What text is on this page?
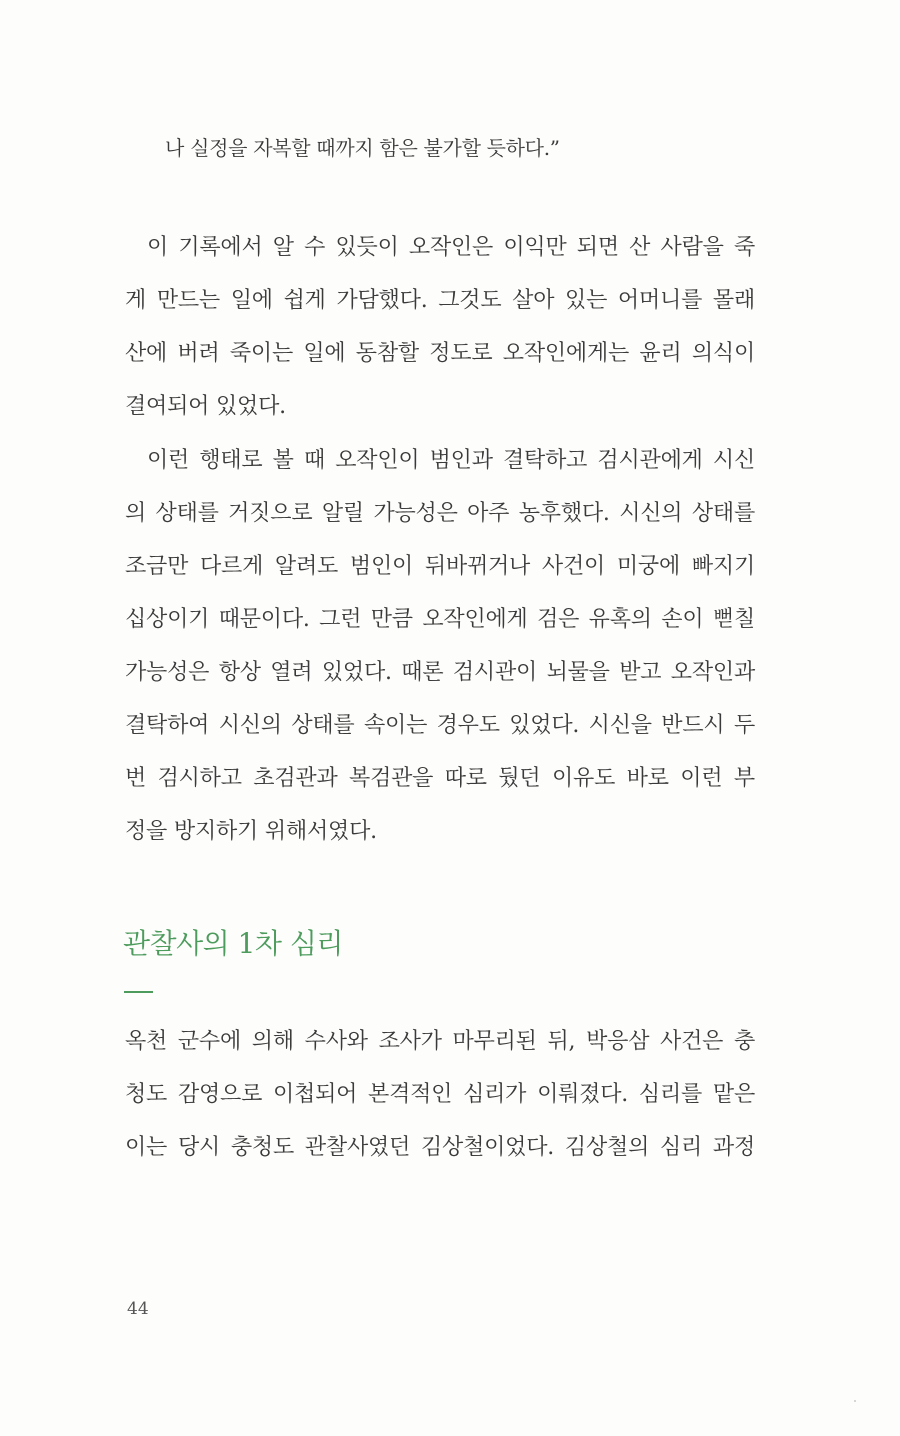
나 실정을 자복할 때까지 함은 불가할 듯하다.”
이 기록에서 알 수 있듯이 오작인은 이익만 되면 산 사람을 죽
게 만드는 일에 쉽게 가담했다. 그것도 살아 있는 어머니를 몰래
산에 버려 죽이는 일에 동참할 정도로 오작인에게는 윤리 의식이
결여되어 있었다.
이런 행태로 볼 때 오작인이 범인과 결탁하고 검시관에게 시신
의 상태를 거짓으로 알릴 가능성은 아주 농후했다. 시신의 상태를
조금만 다르게 알려도 범인이 뒤바뀌거나 사건이 미궁에 빠지기
십상이기 때문이다. 그런 만큼 오작인에게 검은 유혹의 손이 뻗칠
가능성은 항상 열려 있었다. 때론 검시관이 뇌물을 받고 오작인과
결탁하여 시신의 상태를 속이는 경우도 있었다. 시신을 반드시 두
번 검시하고 초검관과 복검관을 따로 뒀던 이유도 바로 이런 부
정을 방지하기 위해서였다.
관찰사의 1차 심리
옥천 군수에 의해 수사와 조사가 마무리된 뒤, 박응삼 사건은 충
청도 감영으로 이첩되어 본격적인 심리가 이뤄졌다. 심리를 맡은
이는 당시 충청도 관찰사였던 김상철이었다. 김상철의 심리 과정
44
